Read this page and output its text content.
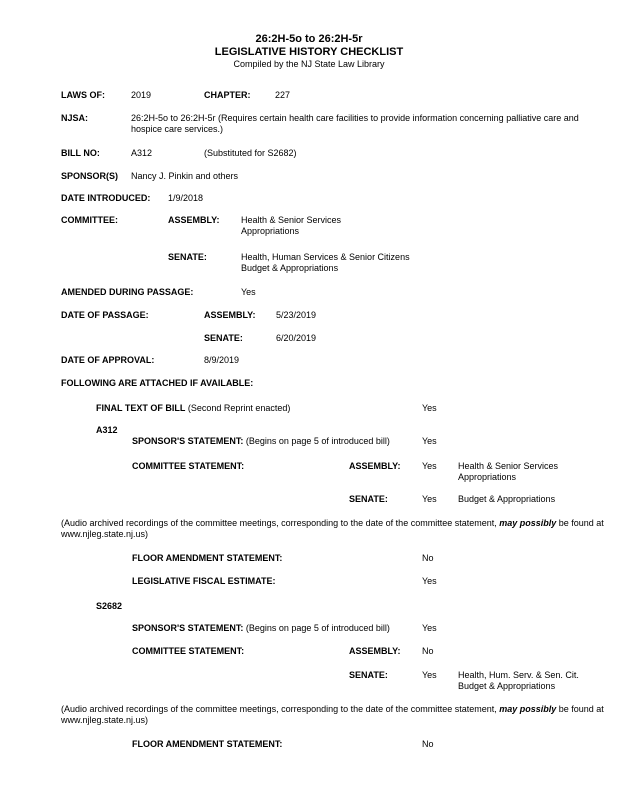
26:2H-5o to 26:2H-5r
LEGISLATIVE HISTORY CHECKLIST
Compiled by the NJ State Law Library
LAWS OF:	2019	CHAPTER:	227
NJSA:	26:2H-5o to 26:2H-5r (Requires certain health care facilities to provide information concerning palliative care and hospice care services.)
BILL NO:	A312	(Substituted for S2682)
SPONSOR(S) Nancy J. Pinkin and others
DATE INTRODUCED: 1/9/2018
COMMITTEE:	ASSEMBLY: Health & Senior Services
Appropriations
SENATE:	Health, Human Services & Senior Citizens
Budget & Appropriations
AMENDED DURING PASSAGE:	Yes
DATE OF PASSAGE:	ASSEMBLY: 5/23/2019
SENATE:	6/20/2019
DATE OF APPROVAL:	8/9/2019
FOLLOWING ARE ATTACHED IF AVAILABLE:
FINAL TEXT OF BILL (Second Reprint enacted)	Yes
A312
SPONSOR'S STATEMENT: (Begins on page 5 of introduced bill)	Yes
COMMITTEE STATEMENT:	ASSEMBLY: Yes Health & Senior Services
Appropriations
SENATE:	Yes Budget & Appropriations
(Audio archived recordings of the committee meetings, corresponding to the date of the committee statement, may possibly be found at www.njleg.state.nj.us)
FLOOR AMENDMENT STATEMENT:	No
LEGISLATIVE FISCAL ESTIMATE:	Yes
S2682
SPONSOR'S STATEMENT: (Begins on page 5 of introduced bill)	Yes
COMMITTEE STATEMENT:	ASSEMBLY: No
SENATE:	Yes Health, Hum. Serv. & Sen. Cit.
Budget & Appropriations
(Audio archived recordings of the committee meetings, corresponding to the date of the committee statement, may possibly be found at www.njleg.state.nj.us)
FLOOR AMENDMENT STATEMENT:	No
